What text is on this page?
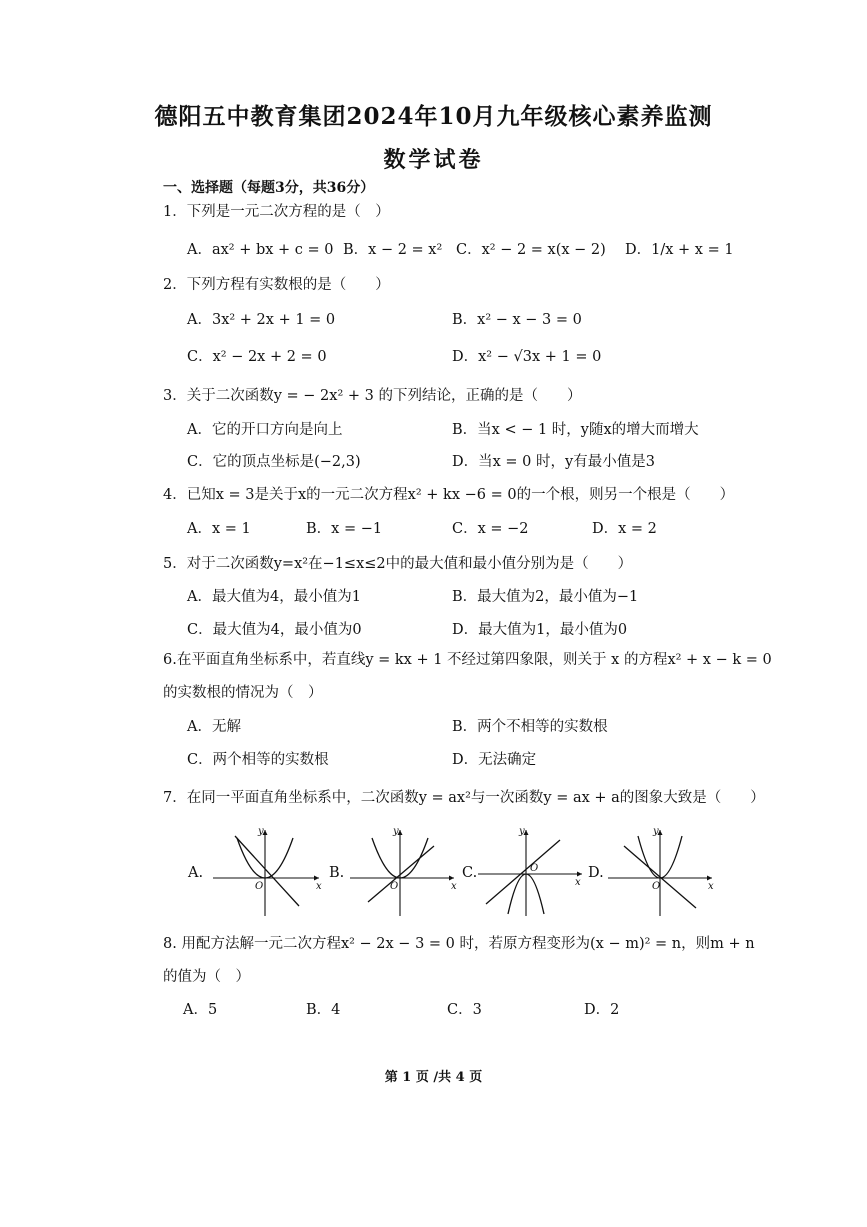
德阳五中教育集团2024年10月九年级核心素养监测
数学试卷
一、选择题（每题3分，共36分）
1．下列是一元二次方程的是（　）
A．ax² + bx + c = 0 B．x − 2 = x² C．x² − 2 = x(x − 2) D．1/x + x = 1
2．下列方程有实数根的是（　　）
A．3x² + 2x + 1 = 0	B．x² − x − 3 = 0
C．x² − 2x + 2 = 0	D．x² − √3x + 1 = 0
3．关于二次函数y = − 2x² + 3 的下列结论，正确的是（　　）
A．它的开口方向是向上	B．当x < − 1 时，y随x的增大而增大
C．它的顶点坐标是(−2,3)	D．当x = 0 时，y有最小值是3
4．已知x = 3是关于x的一元二次方程x² + kx −6 = 0的一个根，则另一个根是（　　）
A．x = 1	B．x = −1	C．x = −2	D．x = 2
5．对于二次函数y=x²在−1≤x≤2中的最大值和最小值分别为是（　　）
A．最大值为4，最小值为1	B．最大值为2，最小值为−1
C．最大值为4，最小值为0	D．最大值为1，最小值为0
6.在平面直角坐标系中，若直线y = kx + 1 不经过第四象限，则关于 x 的方程x² + x − k = 0
的实数根的情况为（　）
A．无解	B．两个不相等的实数根
C．两个相等的实数根	D．无法确定
7．在同一平面直角坐标系中，二次函数y = ax²与一次函数y = ax + a的图象大致是（　　）
A.
y
x
O
B.
y
x
O
C.
y
x
O	D.
y
x
O
8. 用配方法解一元二次方程x² − 2x − 3 = 0 时，若原方程变形为(x − m)² = n，则m + n
的值为（　）
A．5	B．4	C．3	D．2
第 1 页 /共 4 页
